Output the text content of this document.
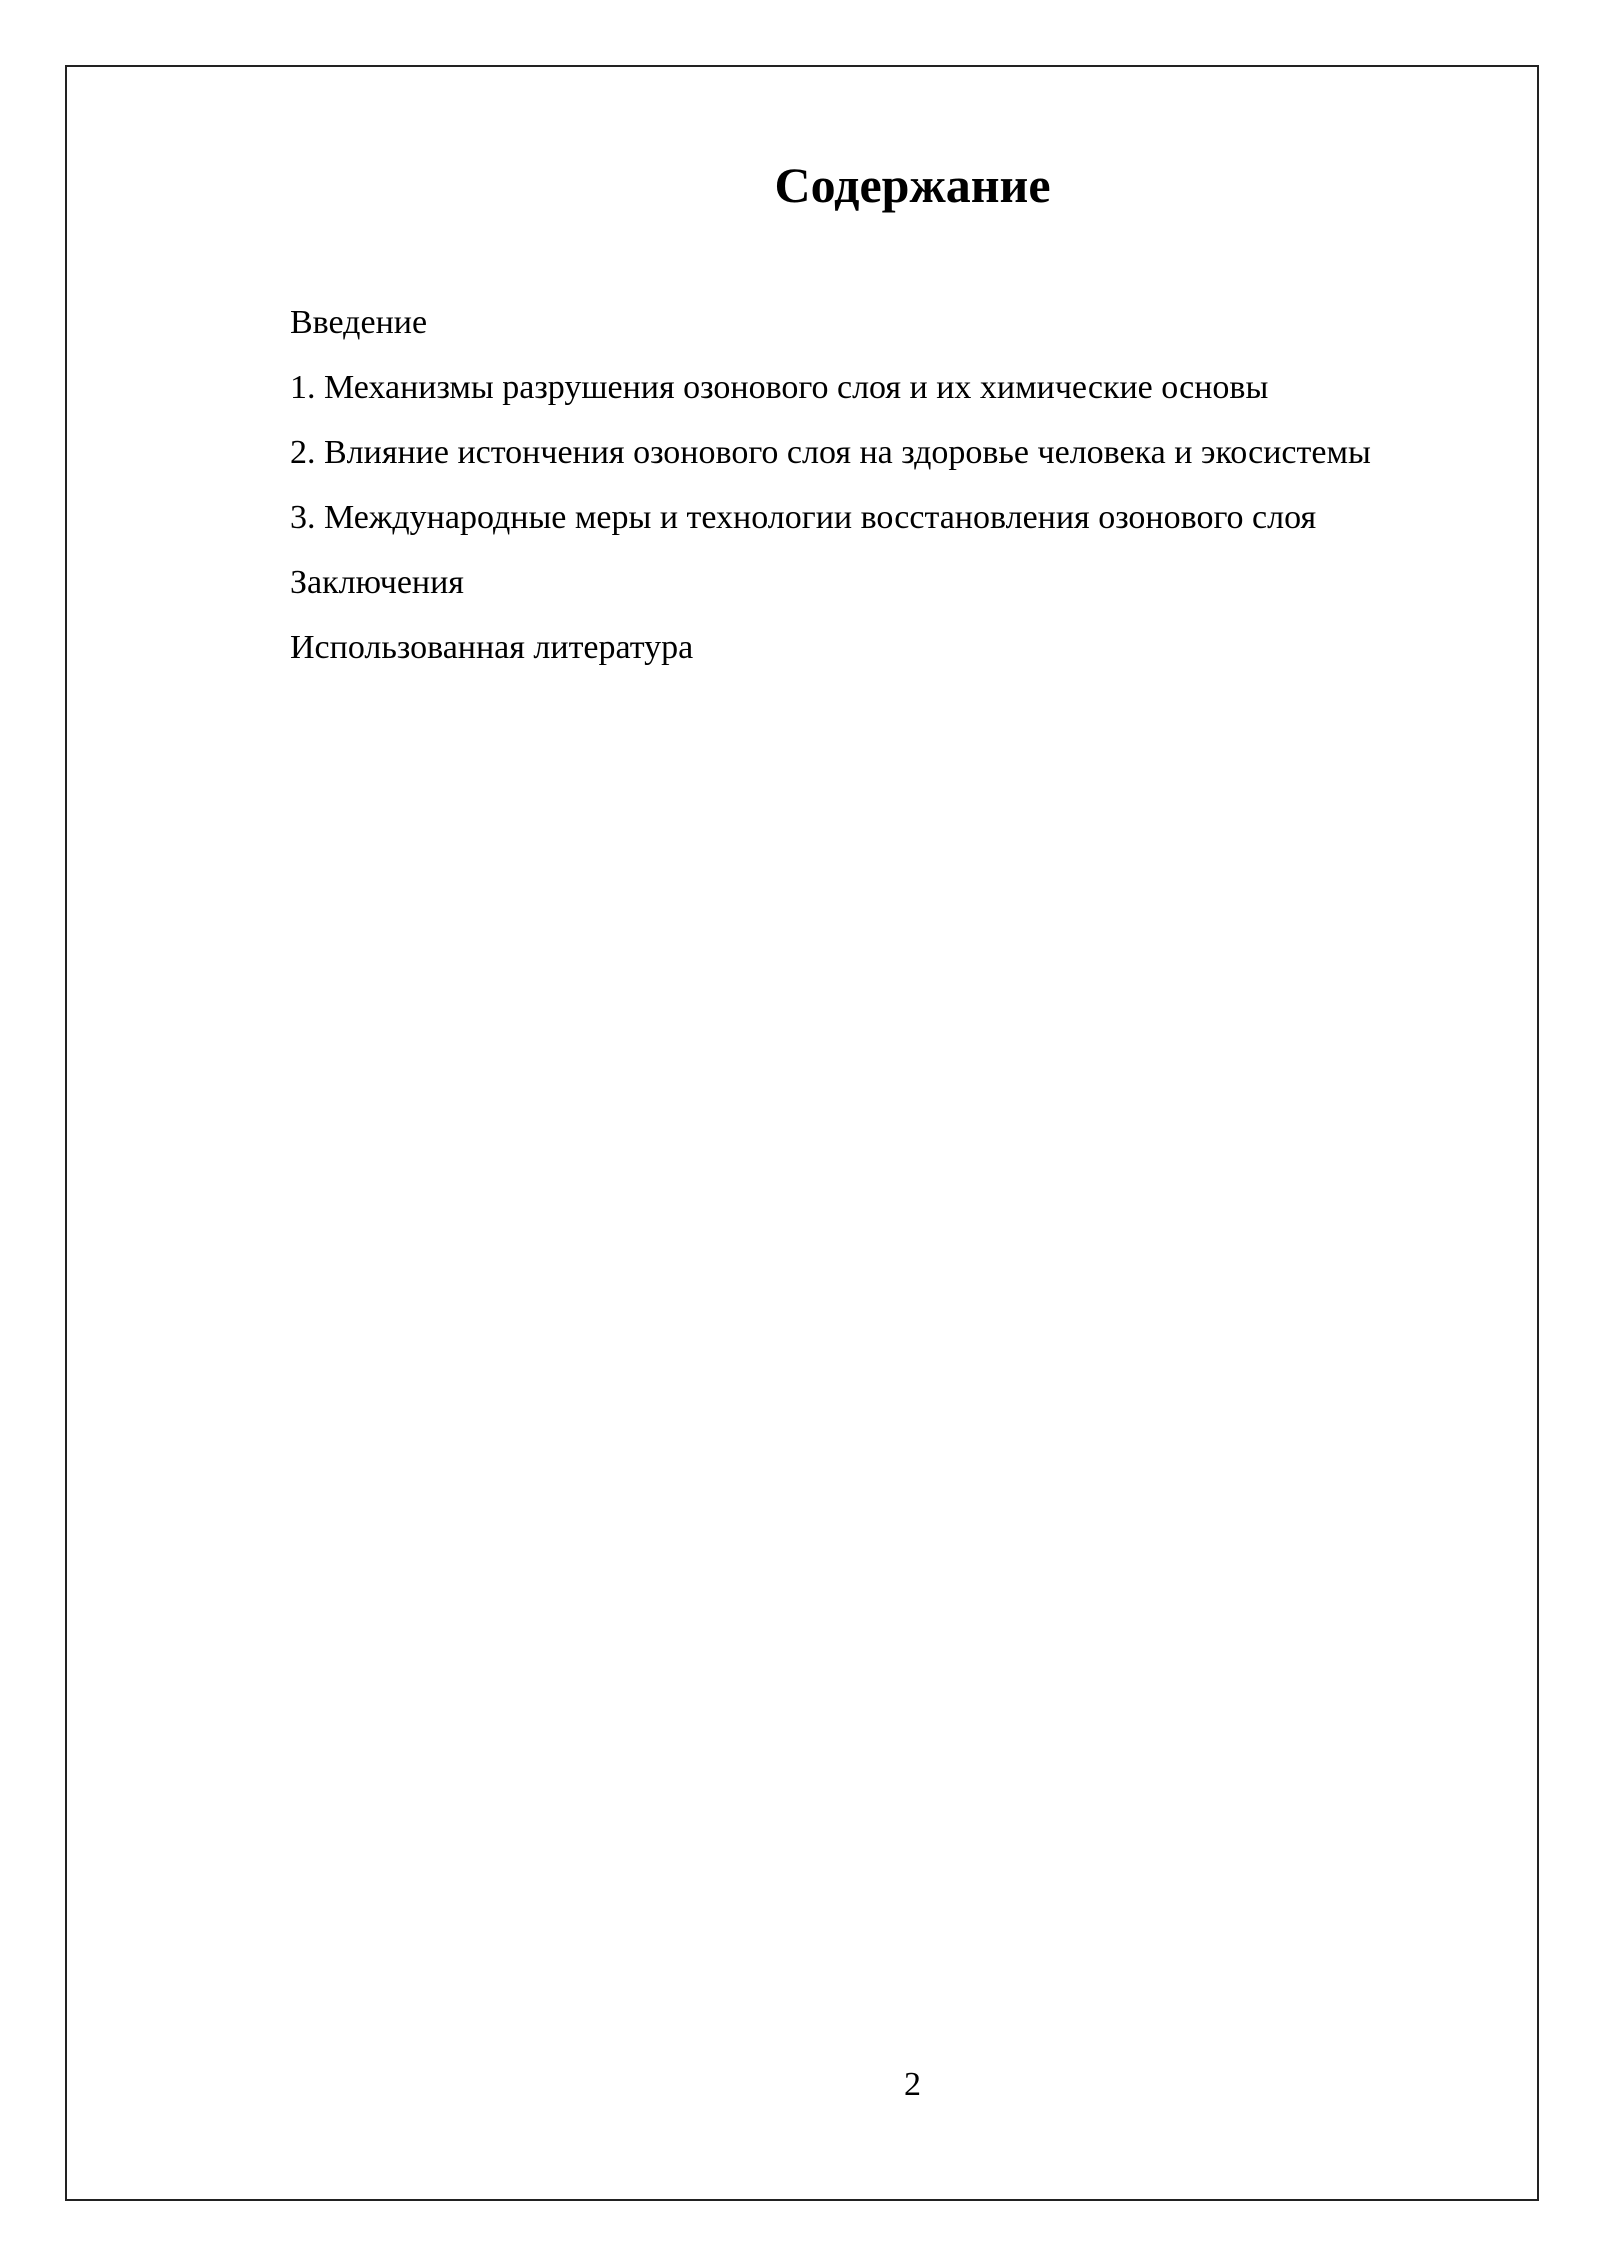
Содержание
Введение
1. Механизмы разрушения озонового слоя и их химические основы
2. Влияние истончения озонового слоя на здоровье человека и экосистемы
3. Международные меры и технологии восстановления озонового слоя
Заключения
Использованная литература
2
